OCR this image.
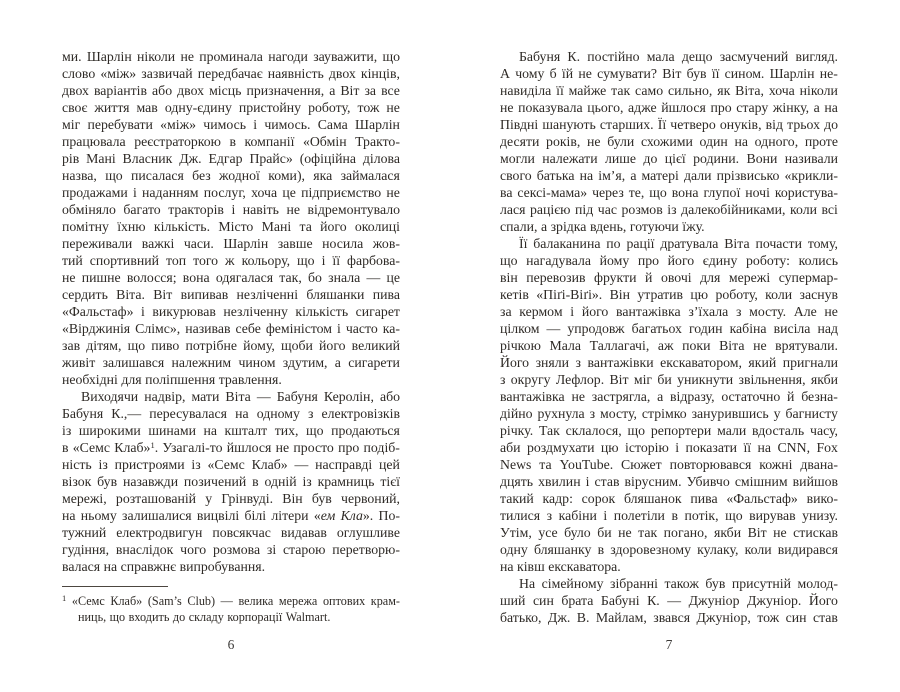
ми. Шарлін ніколи не проминала нагоди зауважити, що
слово «між» зазвичай передбачає наявність двох кінців,
двох варіантів або двох місць призначення, а Віт за все
своє життя мав одну-єдину пристойну роботу, тож не
міг перебувати «між» чимось і чимось. Сама Шарлін
працювала реєстраторкою в компанії «Обмін Тракто-
рів Мані Власник Дж. Едгар Прайс» (офіційна ділова
назва, що писалася без жодної коми), яка займалася
продажами і наданням послуг, хоча це підприємство не
обміняло багато тракторів і навіть не відремонтувало
помітну їхню кількість. Місто Мані та його околиці
переживали важкі часи. Шарлін завше носила жов-
тий спортивний топ того ж кольору, що і її фарбова-
не пишне волосся; вона одягалася так, бо знала — це
сердить Віта. Віт випивав незліченні бляшанки пива
«Фальстаф» і викурював незліченну кількість сигарет
«Вірджинія Слімс», називав себе феміністом і часто ка-
зав дітям, що пиво потрібне йому, щоби його великий
живіт залишався належним чином здутим, а сигарети
необхідні для поліпшення травлення.
Виходячи надвір, мати Віта — Бабуня Керолін, або
Бабуня К.,— пересувалася на одному з електровізків
із широкими шинами на кшталт тих, що продаються
в «Семс Клаб»$^1$. Узагалі-то йшлося не просто про подіб-
ність із пристроями із «Семс Клаб» — насправді цей
візок був назавжди позичений в одній із крамниць тієї
мережі, розташованій у Грінвуді. Він був червоний,
на ньому залишалися вицвілі білі літери «ем Кла». По-
тужний електродвигун повсякчас видавав оглушливе
гудіння, внаслідок чого розмова зі старою перетворю-
валася на справжнє випробування.
$^1$ «Семс Клаб» (Sam’s Club) — велика мережа оптових крам-
ниць, що входить до складу корпорації Walmart.
6
Бабуня К. постійно мала дещо засмучений вигляд.
А чому б їй не сумувати? Віт був її сином. Шарлін не-
навиділа її майже так само сильно, як Віта, хоча ніколи
не показувала цього, адже йшлося про стару жінку, а на
Півдні шанують старших. Її четверо онуків, від трьох до
десяти років, не були схожими один на одного, проте
могли належати лише до цієї родини. Вони називали
свого батька на ім’я, а матері дали прізвисько «крикли-
ва сексі-мама» через те, що вона глупої ночі користува-
лася рацією під час розмов із далекобійниками, коли всі
спали, а зрідка вдень, готуючи їжу.
Її балаканина по рації дратувала Віта почасти тому,
що нагадувала йому про його єдину роботу: колись
він перевозив фрукти й овочі для мережі супермар-
кетів «Піґі-Віґі». Він утратив цю роботу, коли заснув
за кермом і його вантажівка з’їхала з мосту. Але не
цілком — упродовж багатьох годин кабіна висіла над
річкою Мала Таллагачі, аж поки Віта не врятували.
Його зняли з вантажівки екскаватором, який пригнали
з округу Лефлор. Віт міг би уникнути звільнення, якби
вантажівка не застрягла, а відразу, остаточно й безна-
дійно рухнула з мосту, стрімко занурившись у багнисту
річку. Так склалося, що репортери мали вдосталь часу,
аби роздмухати цю історію і показати її на CNN, Fox
News та YouTube. Сюжет повторювався кожні двана-
дцять хвилин і став вірусним. Убивчо смішним вийшов
такий кадр: сорок бляшанок пива «Фальстаф» вико-
тилися з кабіни і полетіли в потік, що вирував унизу.
Утім, усе було би не так погано, якби Віт не стискав
одну бляшанку в здоровезному кулаку, коли видирався
на ківш екскаватора.
На сімейному зібранні також був присутній молод-
ший син брата Бабуні К. — Джуніор Джуніор. Його
батько, Дж. В. Майлам, звався Джуніор, тож син став
7
